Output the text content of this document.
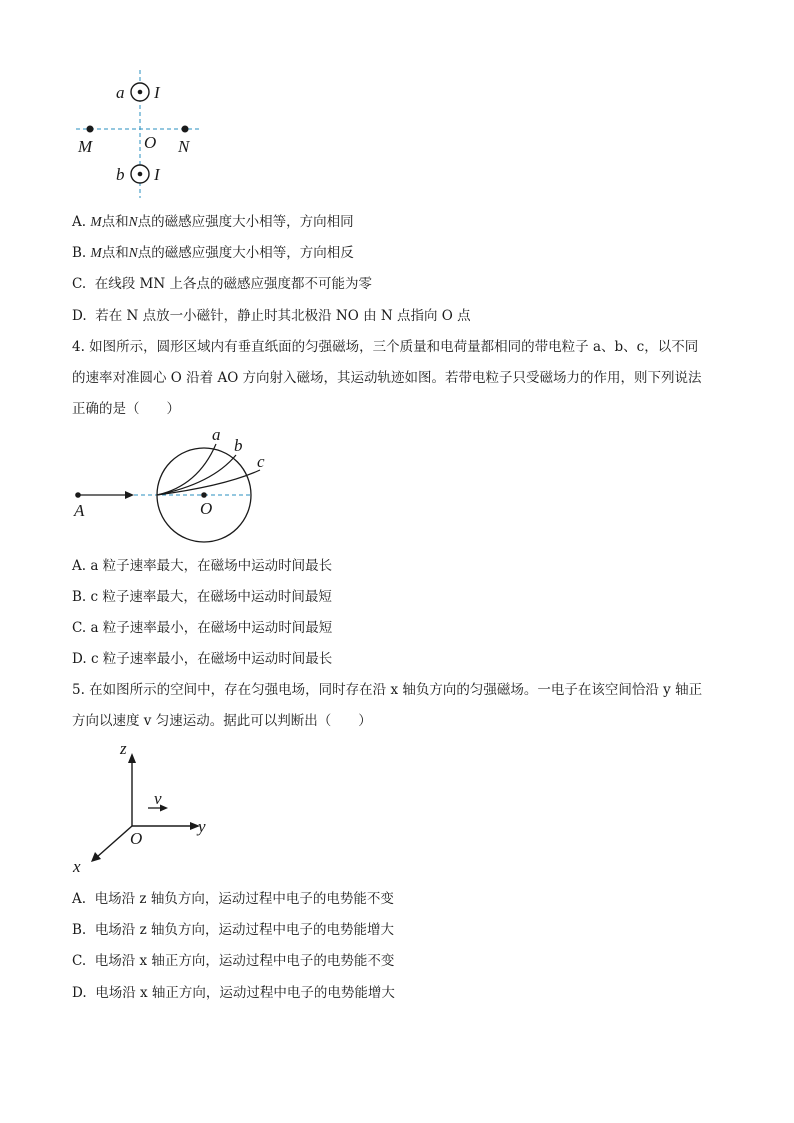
a I
M	O N
b I
A. M点和N点的磁感应强度大小相等，方向相同
B. M点和N点的磁感应强度大小相等，方向相反
C. 在线段 MN 上各点的磁感应强度都不可能为零
D. 若在 N 点放一小磁针，静止时其北极沿 NO 由 N 点指向 O 点
4. 如图所示，圆形区域内有垂直纸面的匀强磁场，三个质量和电荷量都相同的带电粒子 a、b、c，以不同
的速率对准圆心 O 沿着 AO 方向射入磁场，其运动轨迹如图。若带电粒子只受磁场力的作用，则下列说法
正确的是（　　）
a
b
c
A	O
A. a 粒子速率最大，在磁场中运动时间最长
B. c 粒子速率最大，在磁场中运动时间最短
C. a 粒子速率最小，在磁场中运动时间最短
D. c 粒子速率最小，在磁场中运动时间最长
5. 在如图所示的空间中，存在匀强电场，同时存在沿 x 轴负方向的匀强磁场。一电子在该空间恰沿 y 轴正
方向以速度 v 匀速运动。据此可以判断出（　　）
z
v
O
y
x
A. 电场沿 z 轴负方向，运动过程中电子的电势能不变
B. 电场沿 z 轴负方向，运动过程中电子的电势能增大
C. 电场沿 x 轴正方向，运动过程中电子的电势能不变
D. 电场沿 x 轴正方向，运动过程中电子的电势能增大
